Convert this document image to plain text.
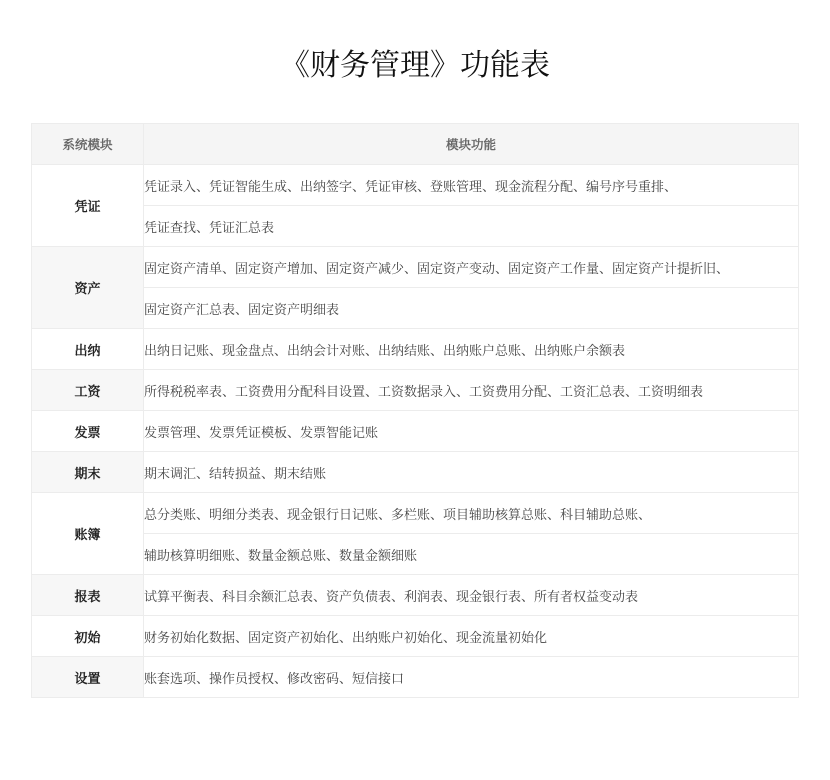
《财务管理》功能表
系统模块	模块功能
凭证	凭证录入、凭证智能生成、出纳签字、凭证审核、登账管理、现金流程分配、编号序号重排、
	凭证查找、凭证汇总表
资产	固定资产清单、固定资产增加、固定资产减少、固定资产变动、固定资产工作量、固定资产计提折旧、
	固定资产汇总表、固定资产明细表
出纳	出纳日记账、现金盘点、出纳会计对账、出纳结账、出纳账户总账、出纳账户余额表
工资	所得税税率表、工资费用分配科目设置、工资数据录入、工资费用分配、工资汇总表、工资明细表
发票	发票管理、发票凭证模板、发票智能记账
期末	期末调汇、结转损益、期末结账
账簿	总分类账、明细分类表、现金银行日记账、多栏账、项目辅助核算总账、科目辅助总账、
	辅助核算明细账、数量金额总账、数量金额细账
报表	试算平衡表、科目余额汇总表、资产负债表、利润表、现金银行表、所有者权益变动表
初始	财务初始化数据、固定资产初始化、出纳账户初始化、现金流量初始化
设置	账套选项、操作员授权、修改密码、短信接口
